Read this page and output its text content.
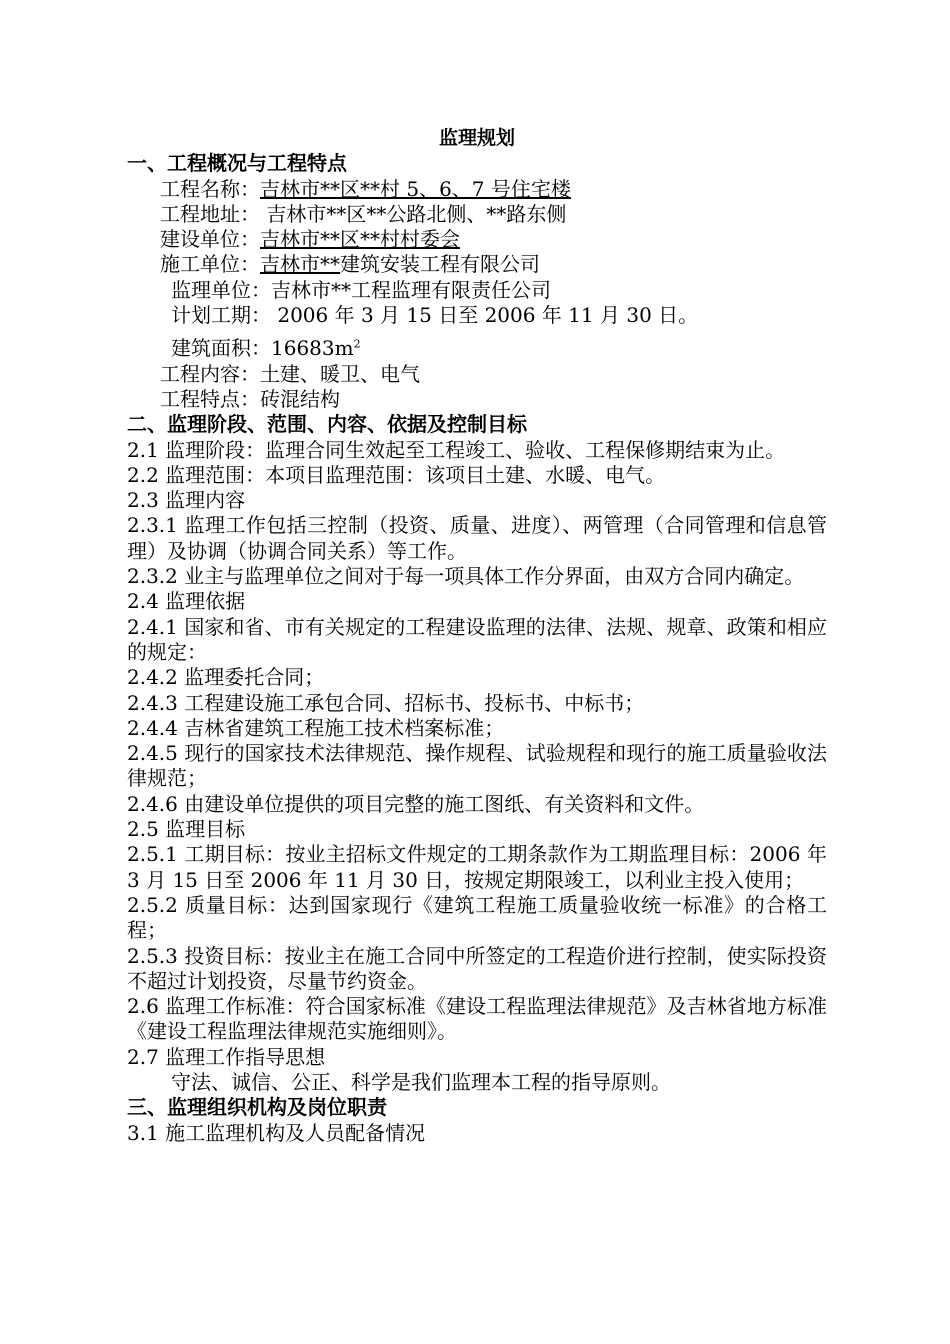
监理规划
一、工程概况与工程特点
工程名称：吉林市**区**村 5、6、7 号住宅楼
工程地址： 吉林市**区**公路北侧、**路东侧
建设单位：吉林市**区**村村委会
施工单位：吉林市**建筑安装工程有限公司
监理单位：吉林市**工程监理有限责任公司
计划工期： 2006 年 3 月 15 日至 2006 年 11 月 30 日。
建筑面积：$16683m^2$
工程内容：土建、暖卫、电气
工程特点：砖混结构
二、监理阶段、范围、内容、依据及控制目标
2.1 监理阶段：监理合同生效起至工程竣工、验收、工程保修期结束为止。
2.2 监理范围：本项目监理范围：该项目土建、水暖、电气。
2.3 监理内容
2.3.1 监理工作包括三控制（投资、质量、进度）、两管理（合同管理和信息管理）及协调（协调合同关系）等工作。
2.3.2 业主与监理单位之间对于每一项具体工作分界面，由双方合同内确定。
2.4 监理依据
2.4.1 国家和省、市有关规定的工程建设监理的法律、法规、规章、政策和相应的规定：
2.4.2 监理委托合同；
2.4.3 工程建设施工承包合同、招标书、投标书、中标书；
2.4.4 吉林省建筑工程施工技术档案标准；
2.4.5 现行的国家技术法律规范、操作规程、试验规程和现行的施工质量验收法律规范；
2.4.6 由建设单位提供的项目完整的施工图纸、有关资料和文件。
2.5 监理目标
2.5.1 工期目标：按业主招标文件规定的工期条款作为工期监理目标：2006 年 3 月 15 日至 2006 年 11 月 30 日，按规定期限竣工，以利业主投入使用；
2.5.2 质量目标：达到国家现行《建筑工程施工质量验收统一标准》的合格工程；
2.5.3 投资目标：按业主在施工合同中所签定的工程造价进行控制，使实际投资不超过计划投资，尽量节约资金。
2.6 监理工作标准：符合国家标准《建设工程监理法律规范》及吉林省地方标准《建设工程监理法律规范实施细则》。
2.7 监理工作指导思想
守法、诚信、公正、科学是我们监理本工程的指导原则。
三、监理组织机构及岗位职责
3.1 施工监理机构及人员配备情况
